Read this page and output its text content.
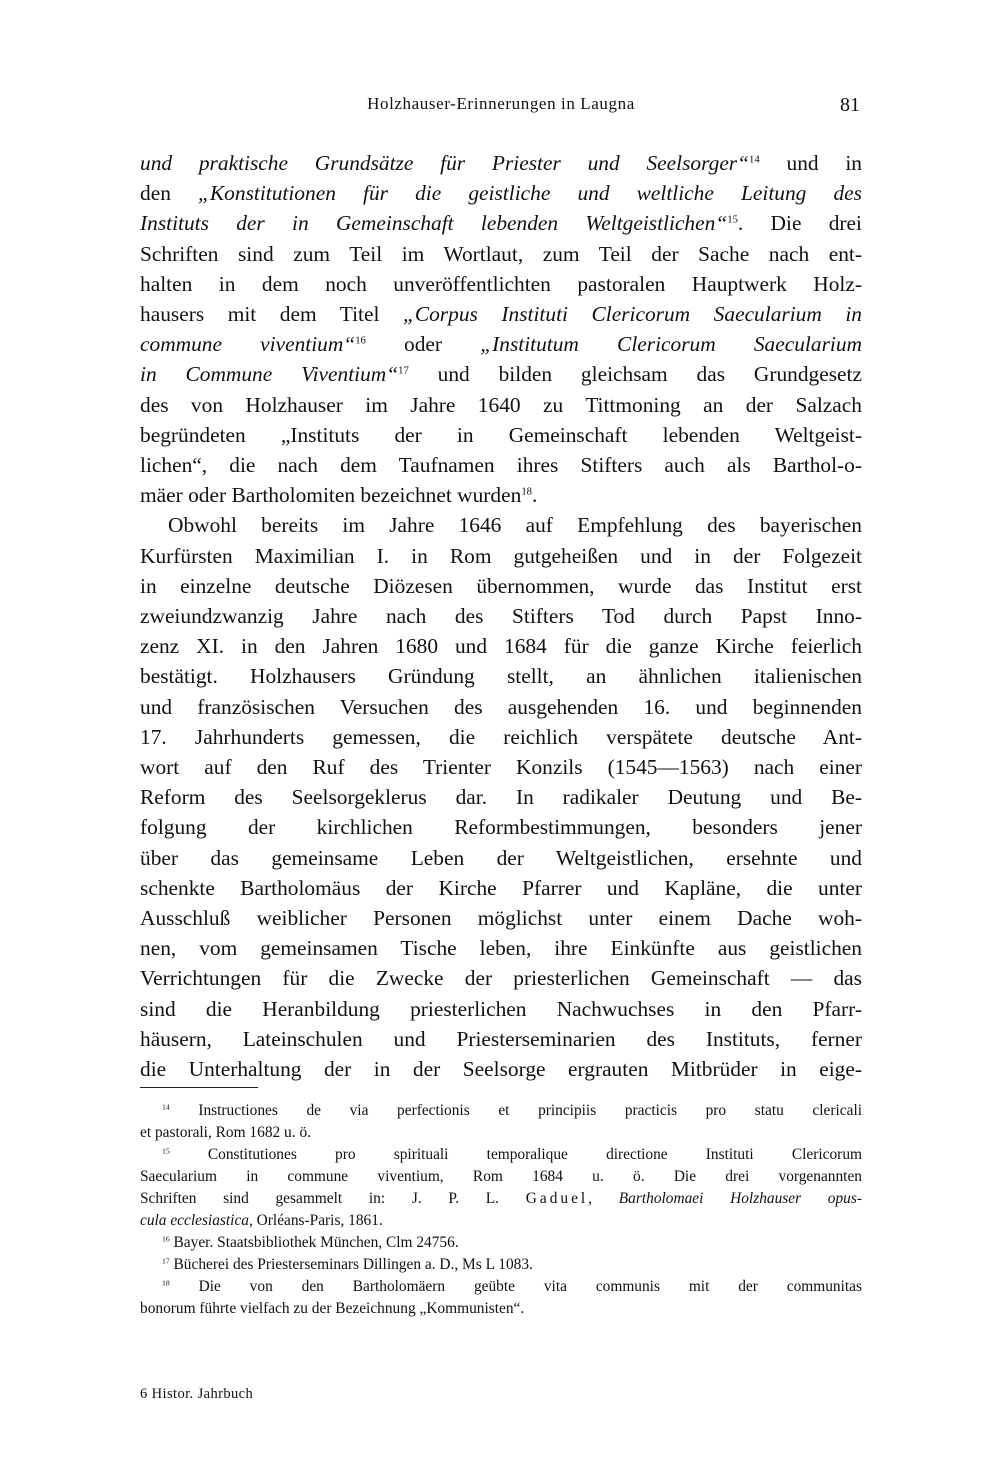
Holzhauser-Erinnerungen in Laugna	81

und praktische Grundsätze für Priester und Seelsorger“$^{14}$ und in
den „Konstitutionen für die geistliche und weltliche Leitung des
Instituts der in Gemeinschaft lebenden Weltgeistlichen“$^{15}$. Die drei
Schriften sind zum Teil im Wortlaut, zum Teil der Sache nach ent-
halten in dem noch unveröffentlichten pastoralen Hauptwerk Holz-
hausers mit dem Titel „Corpus Instituti Clericorum Saecularium in
commune viventium“$^{16}$ oder „Institutum Clericorum Saecularium
in Commune Viventium“$^{17}$ und bilden gleichsam das Grundgesetz
des von Holzhauser im Jahre 1640 zu Tittmoning an der Salzach
begründeten „Instituts der in Gemeinschaft lebenden Weltgeist-
lichen“, die nach dem Taufnamen ihres Stifters auch als Barthol-o-
mäer oder Bartholomiten bezeichnet wurden$^{18}$.

Obwohl bereits im Jahre 1646 auf Empfehlung des bayerischen
Kurfürsten Maximilian I. in Rom gutgeheißen und in der Folgezeit
in einzelne deutsche Diözesen übernommen, wurde das Institut erst
zweiundzwanzig Jahre nach des Stifters Tod durch Papst Inno-
zenz XI. in den Jahren 1680 und 1684 für die ganze Kirche feierlich
bestätigt. Holzhausers Gründung stellt, an ähnlichen italienischen
und französischen Versuchen des ausgehenden 16. und beginnenden
17. Jahrhunderts gemessen, die reichlich verspätete deutsche Ant-
wort auf den Ruf des Trienter Konzils (1545—1563) nach einer
Reform des Seelsorgeklerus dar. In radikaler Deutung und Be-
folgung der kirchlichen Reformbestimmungen, besonders jener
über das gemeinsame Leben der Weltgeistlichen, ersehnte und
schenkte Bartholomäus der Kirche Pfarrer und Kapläne, die unter
Ausschluß weiblicher Personen möglichst unter einem Dache woh-
nen, vom gemeinsamen Tische leben, ihre Einkünfte aus geistlichen
Verrichtungen für die Zwecke der priesterlichen Gemeinschaft — das
sind die Heranbildung priesterlichen Nachwuchses in den Pfarr-
häusern, Lateinschulen und Priesterseminarien des Instituts, ferner
die Unterhaltung der in der Seelsorge ergrauten Mitbrüder in eige-

$^{14}$ Instructiones de via perfectionis et principiis practicis pro statu clericali
et pastorali, Rom 1682 u. ö.

$^{15}$ Constitutiones pro spirituali temporalique directione Instituti Clericorum
Saecularium in commune viventium, Rom 1684 u. ö. Die drei vorgenannten
Schriften sind gesammelt in: J. P. L. Gaduel, Bartholomaei Holzhauser opus-
cula ecclesiastica, Orléans-Paris, 1861.

$^{16}$ Bayer. Staatsbibliothek München, Clm 24756.

$^{17}$ Bücherei des Priesterseminars Dillingen a. D., Ms L 1083.

$^{18}$ Die von den Bartholomäern geübte vita communis mit der communitas
bonorum führte vielfach zu der Bezeichnung „Kommunisten“.

6 Histor. Jahrbuch
